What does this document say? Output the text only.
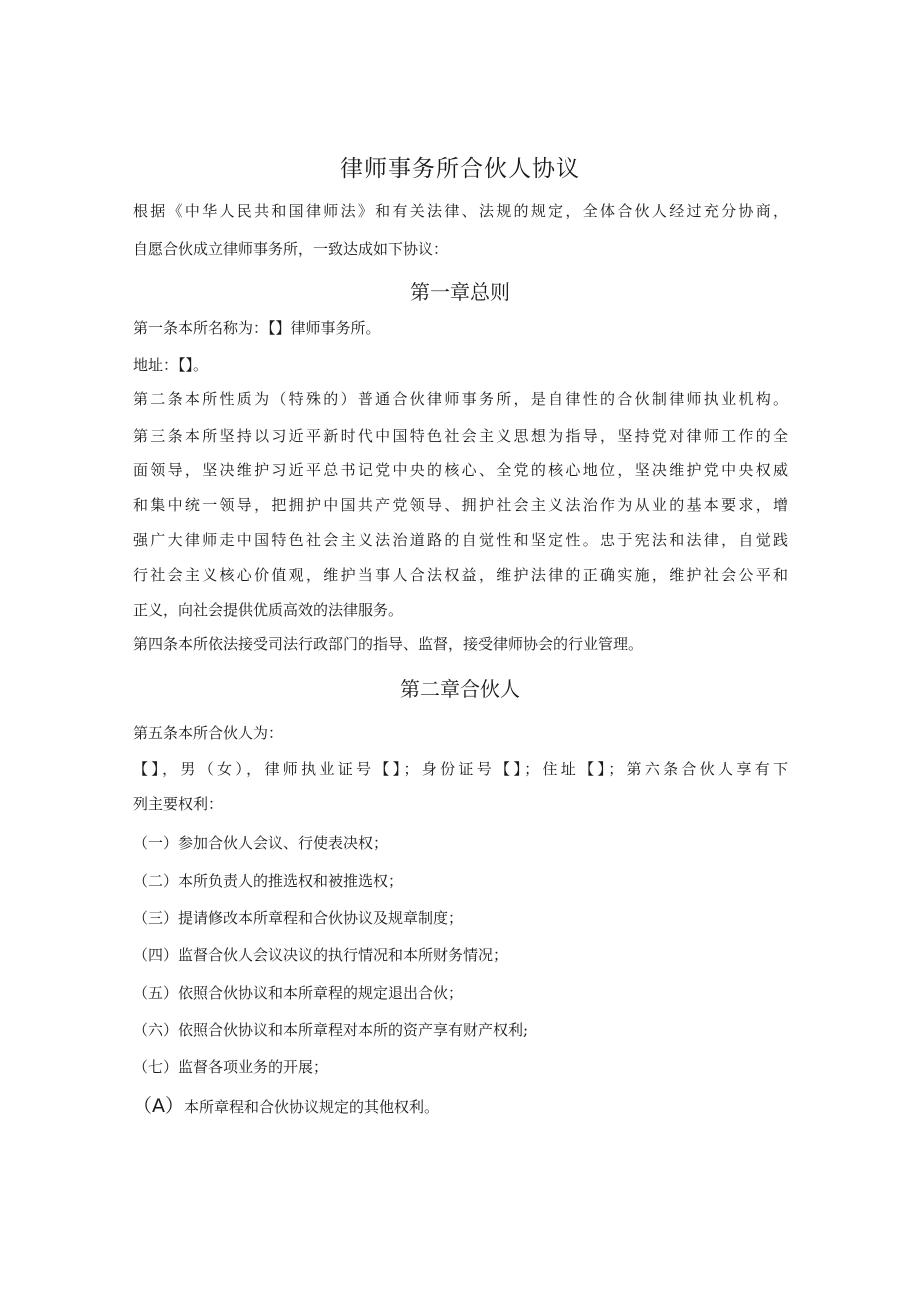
律师事务所合伙人协议
根据《中华人民共和国律师法》和有关法律、法规的规定，全体合伙人经过充分协商，
自愿合伙成立律师事务所，一致达成如下协议：
第一章总则
第一条本所名称为：【】律师事务所。
地址：【】。
第二条本所性质为（特殊的）普通合伙律师事务所，是自律性的合伙制律师执业机构。
第三条本所坚持以习近平新时代中国特色社会主义思想为指导，坚持党对律师工作的全
面领导，坚决维护习近平总书记党中央的核心、全党的核心地位，坚决维护党中央权威
和集中统一领导，把拥护中国共产党领导、拥护社会主义法治作为从业的基本要求，增
强广大律师走中国特色社会主义法治道路的自觉性和坚定性。忠于宪法和法律，自觉践
行社会主义核心价值观，维护当事人合法权益，维护法律的正确实施，维护社会公平和
正义，向社会提供优质高效的法律服务。
第四条本所依法接受司法行政部门的指导、监督，接受律师协会的行业管理。
第二章合伙人
第五条本所合伙人为：
【】，男（女），律师执业证号【】；身份证号【】；住址【】；第六条合伙人享有下
列主要权利：
（一）参加合伙人会议、行使表决权；
（二）本所负责人的推选权和被推选权；
（三）提请修改本所章程和合伙协议及规章制度；
（四）监督合伙人会议决议的执行情况和本所财务情况；
（五）依照合伙协议和本所章程的规定退出合伙；
（六）依照合伙协议和本所章程对本所的资产享有财产权利;
（七）监督各项业务的开展；
（A）本所章程和合伙协议规定的其他权利。
